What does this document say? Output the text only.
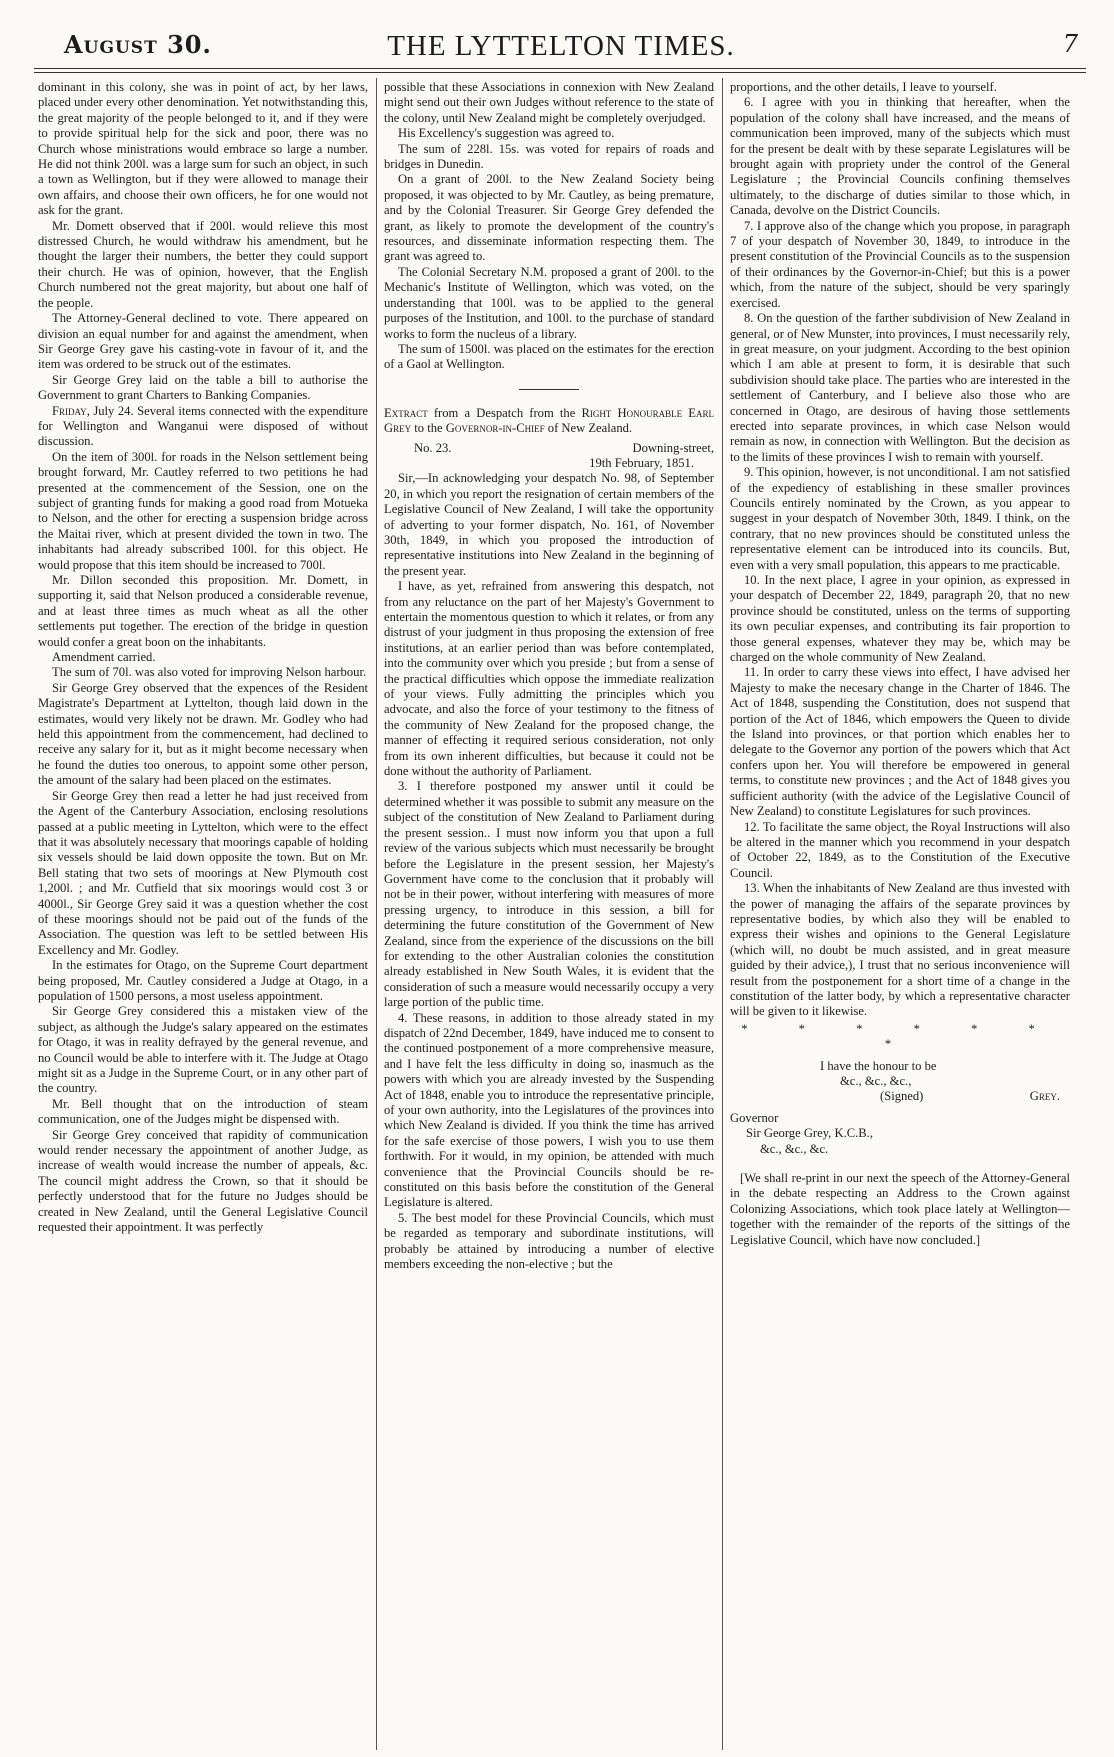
August 30.	THE LYTTELTON TIMES.	7

dominant in this colony, she was in point of act, by her laws, placed under every other denomination. Yet notwithstanding this, the great majority of the people belonged to it, and if they were to provide spiritual help for the sick and poor, there was no Church whose ministrations would embrace so large a number. He did not think 200l. was a large sum for such an object, in such a town as Wellington, but if they were allowed to manage their own affairs, and choose their own officers, he for one would not ask for the grant.

Mr. Domett observed that if 200l. would relieve this most distressed Church, he would withdraw his amendment, but he thought the larger their numbers, the better they could support their church. He was of opinion, however, that the English Church numbered not the great majority, but about one half of the people.

The Attorney-General declined to vote. There appeared on division an equal number for and against the amendment, when Sir George Grey gave his casting-vote in favour of it, and the item was ordered to be struck out of the estimates.

Sir George Grey laid on the table a bill to authorise the Government to grant Charters to Banking Companies.

Friday, July 24. Several items connected with the expenditure for Wellington and Wanganui were disposed of without discussion.

On the item of 300l. for roads in the Nelson settlement being brought forward, Mr. Cautley referred to two petitions he had presented at the commencement of the Session, one on the subject of granting funds for making a good road from Motueka to Nelson, and the other for erecting a suspension bridge across the Maitai river, which at present divided the town in two. The inhabitants had already subscribed 100l. for this object. He would propose that this item should be increased to 700l.

Mr. Dillon seconded this proposition. Mr. Domett, in supporting it, said that Nelson produced a considerable revenue, and at least three times as much wheat as all the other settlements put together. The erection of the bridge in question would confer a great boon on the inhabitants.

Amendment carried.

The sum of 70l. was also voted for improving Nelson harbour.

Sir George Grey observed that the expences of the Resident Magistrate's Department at Lyttelton, though laid down in the estimates, would very likely not be drawn. Mr. Godley who had held this appointment from the commencement, had declined to receive any salary for it, but as it might become necessary when he found the duties too onerous, to appoint some other person, the amount of the salary had been placed on the estimates.

Sir George Grey then read a letter he had just received from the Agent of the Canterbury Association, enclosing resolutions passed at a public meeting in Lyttelton, which were to the effect that it was absolutely necessary that moorings capable of holding six vessels should be laid down opposite the town. But on Mr. Bell stating that two sets of moorings at New Plymouth cost 1,200l. ; and Mr. Cutfield that six moorings would cost 3 or 4000l., Sir George Grey said it was a question whether the cost of these moorings should not be paid out of the funds of the Association. The question was left to be settled between His Excellency and Mr. Godley.

In the estimates for Otago, on the Supreme Court department being proposed, Mr. Cautley considered a Judge at Otago, in a population of 1500 persons, a most useless appointment.

Sir George Grey considered this a mistaken view of the subject, as although the Judge's salary appeared on the estimates for Otago, it was in reality defrayed by the general revenue, and no Council would be able to interfere with it. The Judge at Otago might sit as a Judge in the Supreme Court, or in any other part of the country.

Mr. Bell thought that on the introduction of steam communication, one of the Judges might be dispensed with.

Sir George Grey conceived that rapidity of communication would render necessary the appointment of another Judge, as increase of wealth would increase the number of appeals, &c. The council might address the Crown, so that it should be perfectly understood that for the future no Judges should be created in New Zealand, until the General Legislative Council requested their appointment. It was perfectly

possible that these Associations in connexion with New Zealand might send out their own Judges without reference to the state of the colony, until New Zealand might be completely overjudged.

His Excellency's suggestion was agreed to.

The sum of 228l. 15s. was voted for repairs of roads and bridges in Dunedin.

On a grant of 200l. to the New Zealand Society being proposed, it was objected to by Mr. Cautley, as being premature, and by the Colonial Treasurer. Sir George Grey defended the grant, as likely to promote the development of the country's resources, and disseminate information respecting them. The grant was agreed to.

The Colonial Secretary N.M. proposed a grant of 200l. to the Mechanic's Institute of Wellington, which was voted, on the understanding that 100l. was to be applied to the general purposes of the Institution, and 100l. to the purchase of standard works to form the nucleus of a library.

The sum of 1500l. was placed on the estimates for the erection of a Gaol at Wellington.

Extract from a Despatch from the Right Honourable Earl Grey to the Governor-in-Chief of New Zealand.

No. 23.	Downing-street,
19th February, 1851.

Sir,—In acknowledging your despatch No. 98, of September 20, in which you report the resignation of certain members of the Legislative Council of New Zealand, I will take the opportunity of adverting to your former dispatch, No. 161, of November 30th, 1849, in which you proposed the introduction of representative institutions into New Zealand in the beginning of the present year.

I have, as yet, refrained from answering this despatch, not from any reluctance on the part of her Majesty's Government to entertain the momentous question to which it relates, or from any distrust of your judgment in thus proposing the extension of free institutions, at an earlier period than was before contemplated, into the community over which you preside ; but from a sense of the practical difficulties which oppose the immediate realization of your views. Fully admitting the principles which you advocate, and also the force of your testimony to the fitness of the community of New Zealand for the proposed change, the manner of effecting it required serious consideration, not only from its own inherent difficulties, but because it could not be done without the authority of Parliament.

3. I therefore postponed my answer until it could be determined whether it was possible to submit any measure on the subject of the constitution of New Zealand to Parliament during the present session.. I must now inform you that upon a full review of the various subjects which must necessarily be brought before the Legislature in the present session, her Majesty's Government have come to the conclusion that it probably will not be in their power, without interfering with measures of more pressing urgency, to introduce in this session, a bill for determining the future constitution of the Government of New Zealand, since from the experience of the discussions on the bill for extending to the other Australian colonies the constitution already established in New South Wales, it is evident that the consideration of such a measure would necessarily occupy a very large portion of the public time.

4. These reasons, in addition to those already stated in my dispatch of 22nd December, 1849, have induced me to consent to the continued postponement of a more comprehensive measure, and I have felt the less difficulty in doing so, inasmuch as the powers with which you are already invested by the Suspending Act of 1848, enable you to introduce the representative principle, of your own authority, into the Legislatures of the provinces into which New Zealand is divided. If you think the time has arrived for the safe exercise of those powers, I wish you to use them forthwith. For it would, in my opinion, be attended with much convenience that the Provincial Councils should be re-constituted on this basis before the constitution of the General Legislature is altered.

5. The best model for these Provincial Councils, which must be regarded as temporary and subordinate institutions, will probably be attained by introducing a number of elective members exceeding the non-elective ; but the

proportions, and the other details, I leave to yourself.

6. I agree with you in thinking that hereafter, when the population of the colony shall have increased, and the means of communication been improved, many of the subjects which must for the present be dealt with by these separate Legislatures will be brought again with propriety under the control of the General Legislature ; the Provincial Councils confining themselves ultimately, to the discharge of duties similar to those which, in Canada, devolve on the District Councils.

7. I approve also of the change which you propose, in paragraph 7 of your despatch of November 30, 1849, to introduce in the present constitution of the Provincial Councils as to the suspension of their ordinances by the Governor-in-Chief; but this is a power which, from the nature of the subject, should be very sparingly exercised.

8. On the question of the farther subdivision of New Zealand in general, or of New Munster, into provinces, I must necessarily rely, in great measure, on your judgment. According to the best opinion which I am able at present to form, it is desirable that such subdivision should take place. The parties who are interested in the settlement of Canterbury, and I believe also those who are concerned in Otago, are desirous of having those settlements erected into separate provinces, in which case Nelson would remain as now, in connection with Wellington. But the decision as to the limits of these provinces I wish to remain with yourself.

9. This opinion, however, is not unconditional. I am not satisfied of the expediency of establishing in these smaller provinces Councils entirely nominated by the Crown, as you appear to suggest in your despatch of November 30th, 1849. I think, on the contrary, that no new provinces should be constituted unless the representative element can be introduced into its councils. But, even with a very small population, this appears to me practicable.

10. In the next place, I agree in your opinion, as expressed in your despatch of December 22, 1849, paragraph 20, that no new province should be constituted, unless on the terms of supporting its own peculiar expenses, and contributing its fair proportion to those general expenses, whatever they may be, which may be charged on the whole community of New Zealand.

11. In order to carry these views into effect, I have advised her Majesty to make the necesary change in the Charter of 1846. The Act of 1848, suspending the Constitution, does not suspend that portion of the Act of 1846, which empowers the Queen to divide the Island into provinces, or that portion which enables her to delegate to the Governor any portion of the powers which that Act confers upon her. You will therefore be empowered in general terms, to constitute new provinces ; and the Act of 1848 gives you sufficient authority (with the advice of the Legislative Council of New Zealand) to constitute Legislatures for such provinces.

12. To facilitate the same object, the Royal Instructions will also be altered in the manner which you recommend in your despatch of October 22, 1849, as to the Constitution of the Executive Council.

13. When the inhabitants of New Zealand are thus invested with the power of managing the affairs of the separate provinces by representative bodies, by which also they will be enabled to express their wishes and opinions to the General Legislature (which will, no doubt be much assisted, and in great measure guided by their advice,), I trust that no serious inconvenience will result from the postponement for a short time of a change in the constitution of the latter body, by which a representative character will be given to it likewise.

* * * * * * *
I have the honour to be
&c., &c., &c.,
(Signed)	Grey.
Governor
Sir George Grey, K.C.B.,
&c., &c., &c.

[We shall re-print in our next the speech of the Attorney-General in the debate respecting an Address to the Crown against Colonizing Associations, which took place lately at Wellington—together with the remainder of the reports of the sittings of the Legislative Council, which have now concluded.]
